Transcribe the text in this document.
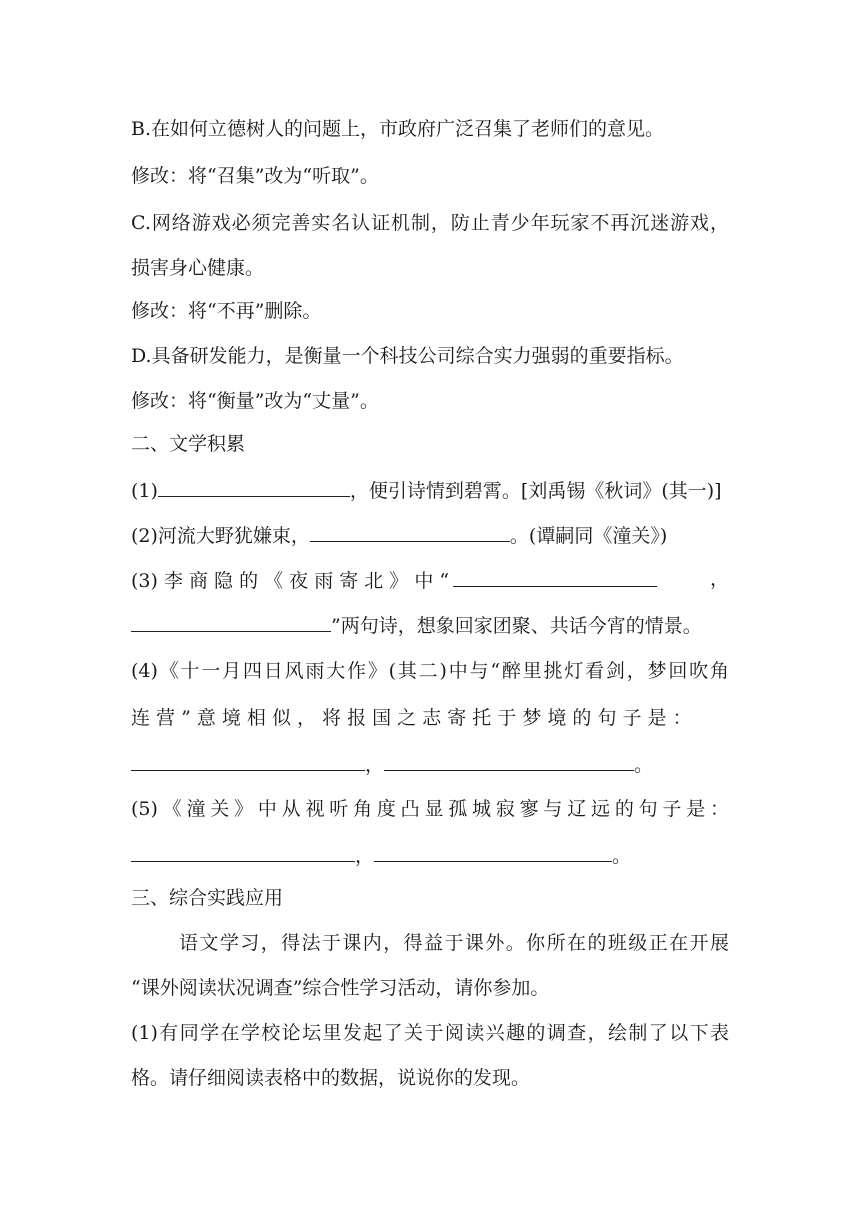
B.在如何立德树人的问题上，市政府广泛召集了老师们的意见。
修改：将“召集”改为“听取”。
C.网络游戏必须完善实名认证机制，防止青少年玩家不再沉迷游戏，
损害身心健康。
修改：将“不再”删除。
D.具备研发能力，是衡量一个科技公司综合实力强弱的重要指标。
修改：将“衡量”改为“丈量”。
二、文学积累
(1)	，便引诗情到碧霄。[刘禹锡《秋词》(其一)]
(2)河流大野犹嫌束，	。(谭嗣同《潼关》)
(3) 李 商 隐 的 《 夜 雨 寄 北 》 中 “	，
”两句诗，想象回家团聚、共话今宵的情景。
(4)《十一月四日风雨大作》(其二)中与“醉里挑灯看剑，梦回吹角
连 营 ” 意 境 相 似 ， 将 报 国 之 志 寄 托 于 梦 境 的 句 子 是 ：
，	。
(5)《潼关》中从视听角度凸显孤城寂寥与辽远的句子是：
，	。
三、综合实践应用
语文学习，得法于课内，得益于课外。你所在的班级正在开展
“课外阅读状况调查”综合性学习活动，请你参加。
(1)有同学在学校论坛里发起了关于阅读兴趣的调查，绘制了以下表
格。请仔细阅读表格中的数据，说说你的发现。
